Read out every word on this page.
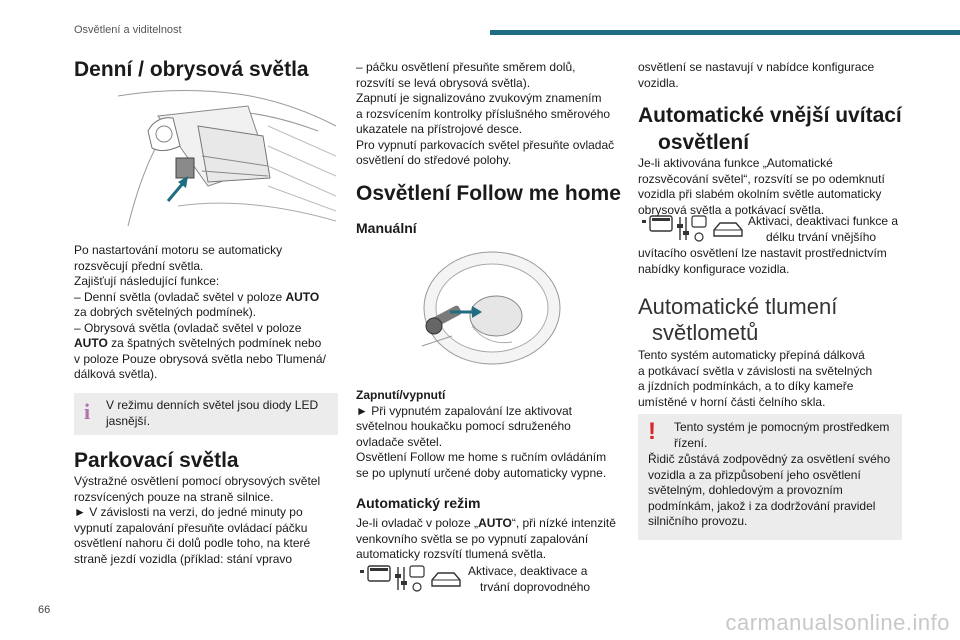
Osvětlení a viditelnost
Denní / obrysová světla

Po nastartování motoru se automaticky

rozsvěcují přední světla.

Zajišťují následující funkce:

– Denní světla (ovladač světel v poloze AUTO

za dobrých světelných podmínek).

– Obrysová světla (ovladač světel v poloze

AUTO za špatných světelných podmínek nebo

v poloze Pouze obrysová světla nebo Tlumená/

dálková světla).

i V režimu denních světel jsou diody LED

jasnější.

Parkovací světla

Výstražné osvětlení pomocí obrysových světel

rozsvícených pouze na straně silnice.

► V závislosti na verzi, do jedné minuty po

vypnutí zapalování přesuňte ovládací páčku

osvětlení nahoru či dolů podle toho, na které

straně jezdí vozidla (příklad: stání vpravo

– páčku osvětlení přesuňte směrem dolů,

rozsvítí se levá obrysová světla).

Zapnutí je signalizováno zvukovým znamením

a rozsvícením kontrolky příslušného směrového

ukazatele na přístrojové desce.

Pro vypnutí parkovacích světel přesuňte ovladač

osvětlení do středové polohy.

Osvětlení Follow me home
Manuální

Zapnutí/vypnutí

► Při vypnutém zapalování lze aktivovat

světelnou houkačku pomocí sdruženého

ovladače světel.

Osvětlení Follow me home s ručním ovládáním

se po uplynutí určené doby automaticky vypne.

Automatický režim

Je-li ovladač v poloze „AUTO“, při nízké intenzitě

venkovního světla se po vypnutí zapalování

automaticky rozsvítí tlumená světla.

Aktivace, deaktivace a

trvání doprovodného

osvětlení se nastavují v nabídce konfigurace

vozidla.

Automatické vnější uvítací
osvětlení

Je-li aktivována funkce „Automatické

rozsvěcování světel“, rozsvítí se po odemknutí

vozidla při slabém okolním světle automaticky

obrysová světla a potkávací světla.

Aktivaci, deaktivaci funkce a

délku trvání vnějšího

uvítacího osvětlení lze nastavit prostřednictvím

nabídky konfigurace vozidla.

Automatické tlumení
světlometů

Tento systém automaticky přepíná dálková

a potkávací světla v závislosti na světelných

a jízdních podmínkách, a to díky kameře

umístěné v horní části čelního skla.

! Tento systém je pomocným prostředkem

řízení.

Řidič zůstává zodpovědný za osvětlení svého

vozidla a za přizpůsobení jeho osvětlení

světelným, dohledovým a provozním

podmínkám, jakož i za dodržování pravidel

silničního provozu.

66	carmanualsonline.info
